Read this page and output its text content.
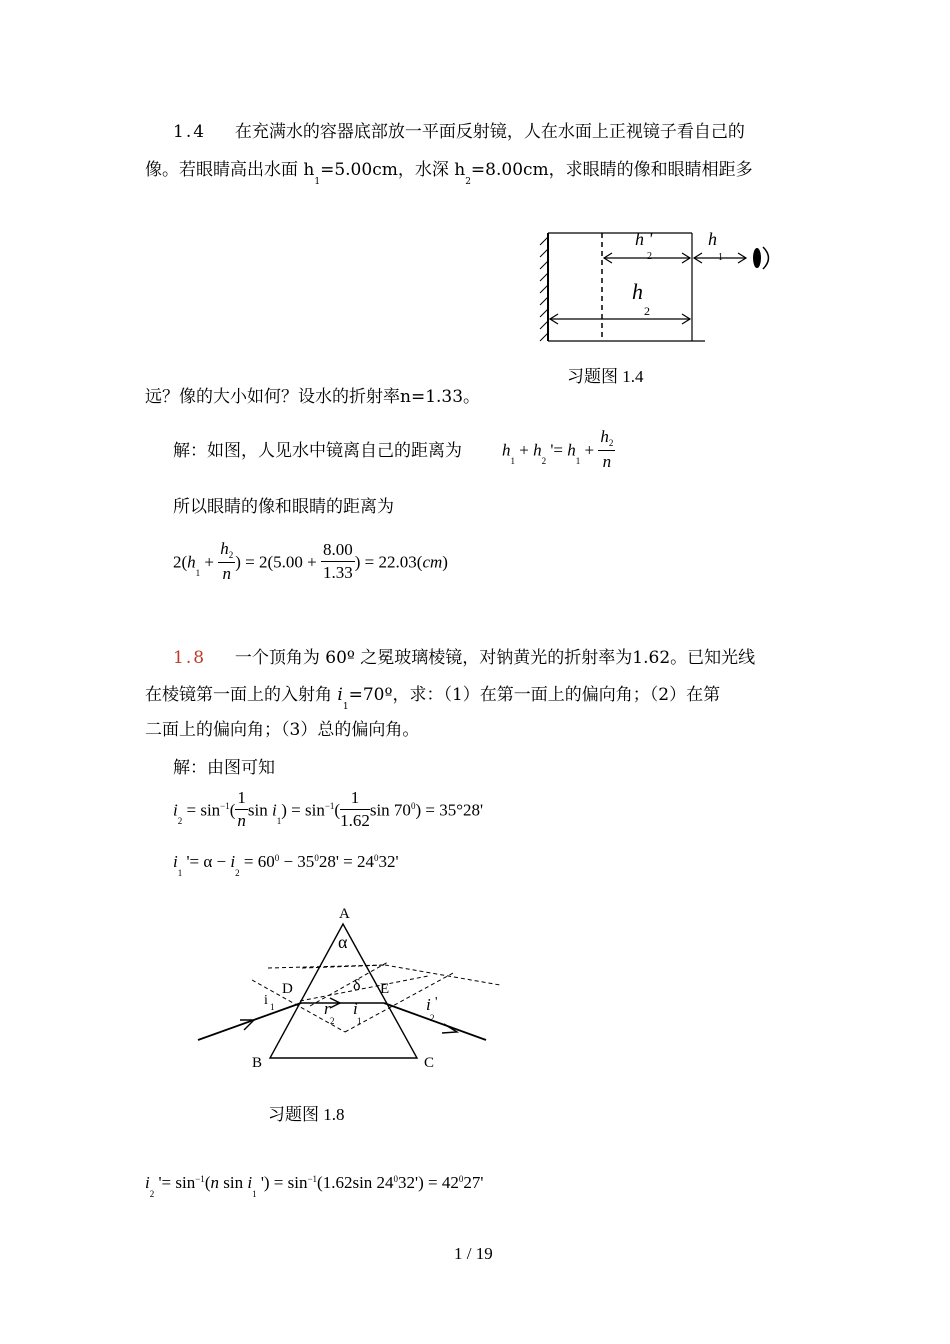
1.4 在充满水的容器底部放一平面反射镜，人在水面上正视镜子看自己的
像。若眼睛高出水面 $h_1=5.00cm$，水深 $h_2=8.00cm$，求眼睛的像和眼睛相距多
h '
2
h
1
h
2
习题图 1.4
远？像的大小如何？设水的折射率n=1.33。
解：如图，人见水中镜离自己的距离为 $h_1 + h_2$ '= $h_1 + \frac{h_2}{n}$
所以眼睛的像和眼睛的距离为
$2(h_1 + \frac{h_2}{n}$ ) = $2(5.00 + \frac{8.00}{1.33}$ ) = 22.03(cm)
1.8 一个顶角为 60º 之冕玻璃棱镜，对钠黄光的折射率为1.62。已知光线
在棱镜第一面上的入射角 $i_1=70º$，求：（1）在第一面上的偏向角；（2）在第
二面上的偏向角；（3）总的偏向角。
解：由图可知
$i_2 = \sin^{-1}( \frac{1}{n}$ $\sin i_1) = \sin^{-1}( \frac{1}{1.62}$ $\sin 70^0) = 35^\circ 28'$
$i_1$ '= $\alpha - i_2 = 60^0 - 35^028' = 24^032'$
A
α
δ
D	E
B	C
i 1	r
2
i
1
i '
2
习题图 1.8
$i_2$ '= $\sin^{-1}(n$ $\sin i_1$ ') = $\sin^{-1}(1.62\sin$ $24^032') = 42^027'$
1 / 19
